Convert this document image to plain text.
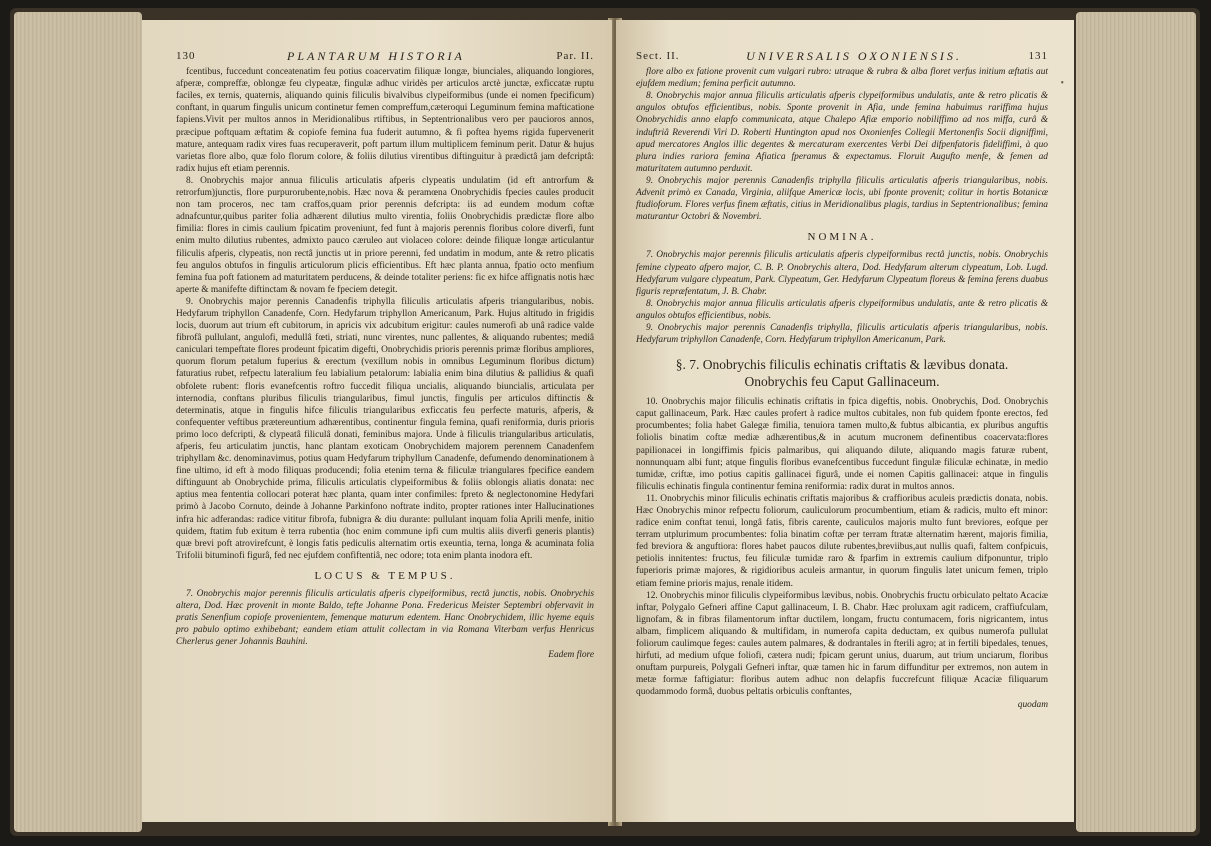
130	PLANTARUM HISTORIA	Par. II.

fcentibus, fuccedunt conceatenatim feu potius coacervatim filiquæ longæ, biunciales, aliquando longiores, afperæ, compreffæ, oblongæ feu clypeatæ, fingulæ adhuc viridès per articulos arctè junctæ, exficcatæ ruptu faciles, ex ternis, quaternis, aliquando quinis filiculis bivalvibus clypeiformibus (unde ei nomen fpecificum) conftant, in quarum fingulis unicum continetur femen compreffum,cæteroqui Leguminum femina mafticatione fapiens.Vivit per multos annos in Meridionalibus rtiftibus, in Septentrionalibus vero per paucioros annos, præcipue poftquam æftatim & copiofe femina fua fuderit autumno, & fi poftea hyems rigida fupervenerit mature, antequam radix vires fuas recuperaverit, poft partum illum multiplicem feminum perit. Datur & hujus varietas flore albo, quæ folo florum colore, & foliis dilutius virentibus diftinguitur à prædictâ jam defcriptâ: radix hujus eft etiam perennis.

8. Onobrychis major annua filiculis articulatis afperis clypeatis undulatim (id eft antrorfum & retrorfum)junctis, flore purpurorubente,nobis. Hæc nova & peramœna Onobrychidis fpecies caules producit non tam proceros, nec tam craffos,quam prior perennis defcripta: iis ad eundem modum coftæ adnafcuntur,quibus pariter folia adhærent dilutius multo virentia, foliis Onobrychidis prædictæ flore albo fimilia: flores in cimis caulium fpicatim proveniunt, fed funt à majoris perennis floribus colore diverfi, funt enim multo dilutius rubentes, admixto pauco cæruleo aut violaceo colore: deinde filiquæ longæ articulantur filiculis afperis, clypeatis, non rectâ junctis ut in priore perenni, fed undatim in modum, ante & retro plicatis feu angulos obtufos in fingulis articulorum plicis efficientibus. Eft hæc planta annua, fpatio octo menfium femina fua poft fationem ad maturitatem perducens, & deinde totaliter periens: fic ex hifce affignatis notis hæc aperte & manifefte diftinctam & novam fe fpeciem detegit.

9. Onobrychis major perennis Canadenfis triphylla filiculis articulatis afperis triangularibus, nobis. Hedyfarum triphyllon Canadenfe, Corn. Hedyfarum triphyllon Americanum, Park. Hujus altitudo in frigidis locis, duorum aut trium eft cubitorum, in apricis vix adcubitum erigitur: caules numerofi ab unâ radice valde fibrofâ pullulant, angulofi, medullâ fœti, striati, nunc virentes, nunc pallentes, & aliquando rubentes; mediâ caniculari tempeftate flores prodeunt fpicatim digefti, Onobrychidis prioris perennis primæ floribus ampliores, quorum florum petalum fuperius & erectum (vexillum nobis in omnibus Leguminum floribus dictum) faturatius rubet, refpectu lateralium feu labialium petalorum: labialia enim bina dilutius & pallidius & quafi obfolete rubent: floris evanefcentis roftro fuccedit filiqua uncialis, aliquando biuncialis, articulata per internodia, conftans pluribus filiculis triangularibus, fimul junctis, fingulis per articulos diftinctis & determinatis, atque in fingulis hifce filiculis triangularibus exficcatis feu perfecte maturis, afperis, & confequenter veftibus prætereuntium adhærentibus, continentur fingula femina, quafi reniformia, duris prioris primo loco defcripti, & clypeatâ filiculâ donati, feminibus majora. Unde à filiculis triangularibus articulatis, afperis, feu articulatim junctis, hanc plantam exoticam Onobrychidem majorem perennem Canadenfem triphyllam &c. denominavimus, potius quam Hedyfarum triphyllum Canadenfe, defumendo denominationem à fine ultimo, id eft à modo filiquas producendi; folia etenim terna & filiculæ triangulares fpecifice eandem diftinguunt ab Onobrychide prima, filiculis articulatis clypeiformibus & foliis oblongis aliatis donata: nec aptius mea fententia collocari poterat hæc planta, quam inter confimiles: fpreto & neglectonomine Hedyfari primò à Jacobo Cornuto, deinde à Johanne Parkinfono noftrate indito, propter rationes inter Hallucinationes infra hic adferandas: radice vititur fibrofa, fubnigra & diu durante: pullulant inquam folia Aprili menfe, initio quidem, ftatim fub exitum è terra rubentia (hoc enim commune ipfi cum multis aliis diverfi generis plantis) quæ brevi poft atrovirefcunt, è longis fatis pediculis alternatim ortis exeuntia, terna, longa & acuminata folia Trifolii bituminofi figurâ, fed nec ejufdem confiftentiâ, nec odore; tota enim planta inodora eft.

LOCUS & TEMPUS.

7. Onobrychis major perennis filiculis articulatis afperis clypeiformibus, rectâ junctis, nobis. Onobrychis altera, Dod. Hæc provenit in monte Baldo, tefte Johanne Pona. Fredericus Meister Septembri obfervavit in pratis Senenfium copiofe provenientem, femenque maturum edentem. Hanc Onobrychidem, illic hyeme equis pro pabulo optimo exhibebant; eandem etiam attulit collectam in via Romana Viterbam verfus Henricus Cherlerus gener Johannis Bauhini.

Eadem flore
Sect. II.	UNIVERSALIS OXONIENSIS.	131

flore albo ex fatione provenit cum vulgari rubro: utraque & rubra & alba floret verfus initium æftatis aut ejufdem medium; femina perficit autumno.

8. Onobrychis major annua filiculis articulatis afperis clypeiformibus undulatis, ante & retro plicatis & angulos obtufos efficientibus, nobis. Sponte provenit in Afia, unde femina habuimus rariffima hujus Onobrychidis anno elapfo communicata, atque Chalepo Afiæ emporio nobiliffimo ad nos miffa, curâ & induftriâ Reverendi Viri D. Roberti Huntington apud nos Oxonienfes Collegii Mertonenfis Socii digniffimi, apud mercatores Anglos illic degentes & mercaturam exercentes Verbi Dei difpenfatoris fideliffimi, à quo plura indies rariora femina Afiatica fperamus & expectamus. Floruit Augufto menfe, & femen ad maturitatem autumno perduxit.

9. Onobrychis major perennis Canadenfis triphylla filiculis articulatis afperis triangularibus, nobis. Advenit primò ex Canada, Virginia, aliifque Americæ locis, ubi fponte provenit; colitur in hortis Botanicæ ftudioforum. Flores verfus finem æftatis, citius in Meridionalibus plagis, tardius in Septentrionalibus; femina maturantur Octobri & Novembri.

NOMINA.

7. Onobrychis major perennis filiculis articulatis afperis clypeiformibus rectâ junctis, nobis. Onobrychis femine clypeato afpero major, C. B. P. Onobrychis altera, Dod. Hedyfarum alterum clypeatum, Lob. Lugd. Hedyfarum vulgare clypeatum, Park. Clypeatum, Ger. Hedyfarum Clypeatum floreus & femina ferens duabus figuris repræfentatum, J. B. Chabr.

8. Onobrychis major annua filiculis articulatis afperis clypeiformibus undulatis, ante & retro plicatis & angulos obtufos efficientibus, nobis.

9. Onobrychis major perennis Canadenfis triphylla, filiculis articulatis afperis triangularibus, nobis. Hedyfarum triphyllon Canadenfe, Corn. Hedyfarum triphyllon Americanum, Park.

§. 7. Onobrychis filiculis echinatis criftatis & lævibus donata.
Onobrychis feu Caput Gallinaceum.

10. Onobrychis major filiculis echinatis criftatis in fpica digeftis, nobis. Onobrychis, Dod. Onobrychis caput gallinaceum, Park. Hæc caules profert à radice multos cubitales, non fub quidem fponte erectos, fed procumbentes; folia habet Galegæ fimilia, tenuiora tamen multo,& fubtus albicantia, ex pluribus anguftis foliolis binatim coftæ mediæ adhærentibus,& in acutum mucronem definentibus coacervata:flores papilionacei in longiffimis fpicis palmaribus, qui aliquando dilute, aliquando magis faturæ rubent, nonnunquam albi funt; atque fingulis floribus evanefcentibus fuccedunt fingulæ filiculæ echinatæ, in medio tumidæ, criftæ, imo potius capitis gallinacei figurâ, unde ei nomen Capitis gallinacei: atque in fingulis filiculis echinatis fingula continentur femina reniformia: radix durat in multos annos.

11. Onobrychis minor filiculis echinatis criftatis majoribus & craffioribus aculeis prædictis donata, nobis. Hæc Onobrychis minor refpectu foliorum, cauliculorum procumbentium, etiam & radicis, multo eft minor: radice enim conftat tenui, longâ fatis, fibris carente, cauliculos majoris multo funt breviores, eofque per terram utplurimum procumbentes: folia binatim coftæ per terram ftratæ alternatim hærent, majoris fimilia, fed breviora & anguftiora: flores habet paucos dilute rubentes,breviibus,aut nullis quafi, faltem confpicuis, petiolis innitentes: fructus, feu filiculæ tumidæ raro & fparfim in extremis caulium difponuntur, triplo fuperioris primæ majores, & rigidioribus aculeis armantur, in quorum fingulis latet unicum femen, triplo etiam femine prioris majus, renale itidem.

12. Onobrychis minor filiculis clypeiformibus lævibus, nobis. Onobrychis fructu orbiculato peltato Acaciæ inftar, Polygalo Gefneri affine Caput gallinaceum, I. B. Chabr. Hæc proluxam agit radicem, craffiufculam, lignofam, & in fibras filamentorum inftar ductilem, longam, fructu contumacem, foris nigricantem, intus albam, fimplicem aliquando & multifidam, in numerofa capita deductam, ex quibus numerofa pullulat foliorum caulimque feges: caules autem palmares, & dodrantales in fterili agro; at in fertili bipedales, tenues, hirfuti, ad medium ufque foliofi, cætera nudi; fpicam gerunt unius, duarum, aut trium unciarum, floribus onuftam purpureis, Polygali Gefneri inftar, quæ tamen hic in farum diffunditur per extremos, non autem in metæ formæ faftigiatur: floribus autem adhuc non delapfis fuccrefcunt filiquæ Acaciæ filiquarum quodammodo formâ, duobus peltatis orbiculis conftantes,

quodam
•
